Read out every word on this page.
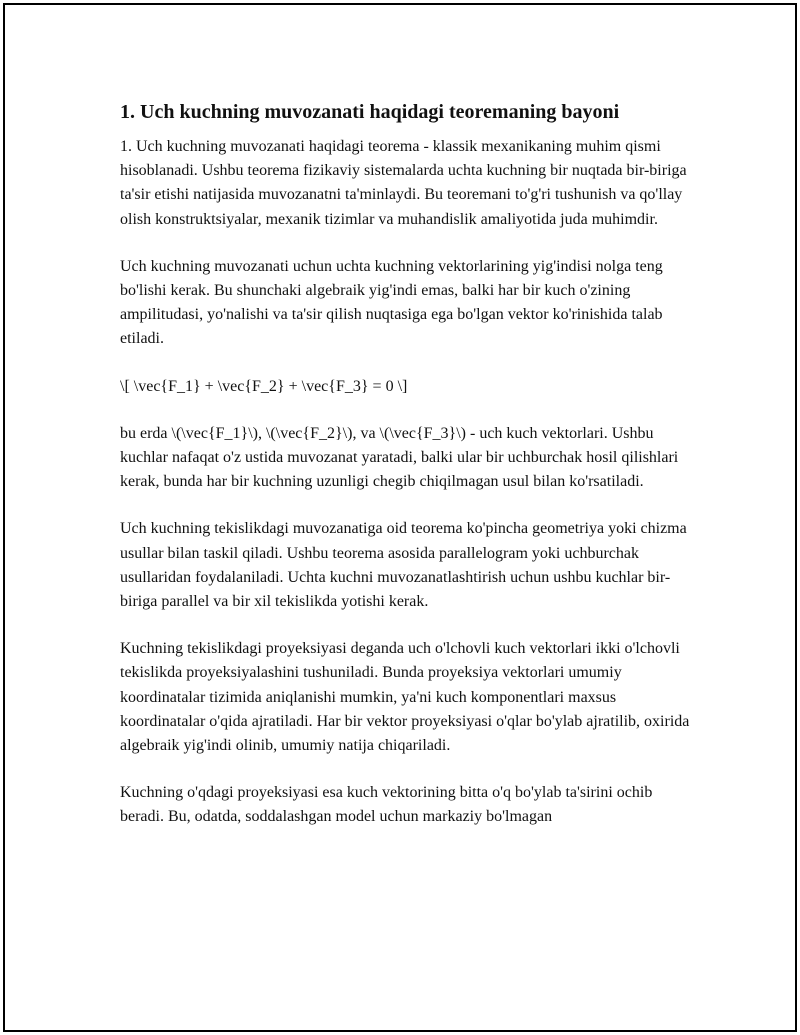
1. Uch kuchning muvozanati haqidagi teoremaning bayoni

1. Uch kuchning muvozanati haqidagi teorema - klassik mexanikaning muhim qismi hisoblanadi. Ushbu teorema fizikaviy sistemalarda uchta kuchning bir nuqtada bir-biriga ta'sir etishi natijasida muvozanatni ta'minlaydi. Bu teoremani to'g'ri tushunish va qo'llay olish konstruktsiyalar, mexanik tizimlar va muhandislik amaliyotida juda muhimdir.

Uch kuchning muvozanati uchun uchta kuchning vektorlarining yig'indisi nolga teng bo'lishi kerak. Bu shunchaki algebraik yig'indi emas, balki har bir kuch o'zining ampilitudasi, yo'nalishi va ta'sir qilish nuqtasiga ega bo'lgan vektor ko'rinishida talab etiladi.

\[ \vec{F_1} + \vec{F_2} + \vec{F_3} = 0 \]

bu erda \(\vec{F_1}\), \(\vec{F_2}\), va \(\vec{F_3}\) - uch kuch vektorlari. Ushbu kuchlar nafaqat o'z ustida muvozanat yaratadi, balki ular bir uchburchak hosil qilishlari kerak, bunda har bir kuchning uzunligi chegib chiqilmagan usul bilan ko'rsatiladi.

Uch kuchning tekislikdagi muvozanatiga oid teorema ko'pincha geometriya yoki chizma usullar bilan taskil qiladi. Ushbu teorema asosida parallelogram yoki uchburchak usullaridan foydalaniladi. Uchta kuchni muvozanatlashtirish uchun ushbu kuchlar bir-biriga parallel va bir xil tekislikda yotishi kerak.

Kuchning tekislikdagi proyeksiyasi deganda uch o'lchovli kuch vektorlari ikki o'lchovli tekislikda proyeksiyalashini tushuniladi. Bunda proyeksiya vektorlari umumiy koordinatalar tizimida aniqlanishi mumkin, ya'ni kuch komponentlari maxsus koordinatalar o'qida ajratiladi. Har bir vektor proyeksiyasi o'qlar bo'ylab ajratilib, oxirida algebraik yig'indi olinib, umumiy natija chiqariladi.

Kuchning o'qdagi proyeksiyasi esa kuch vektorining bitta o'q bo'ylab ta'sirini ochib beradi. Bu, odatda, soddalashgan model uchun markaziy bo'lmagan
